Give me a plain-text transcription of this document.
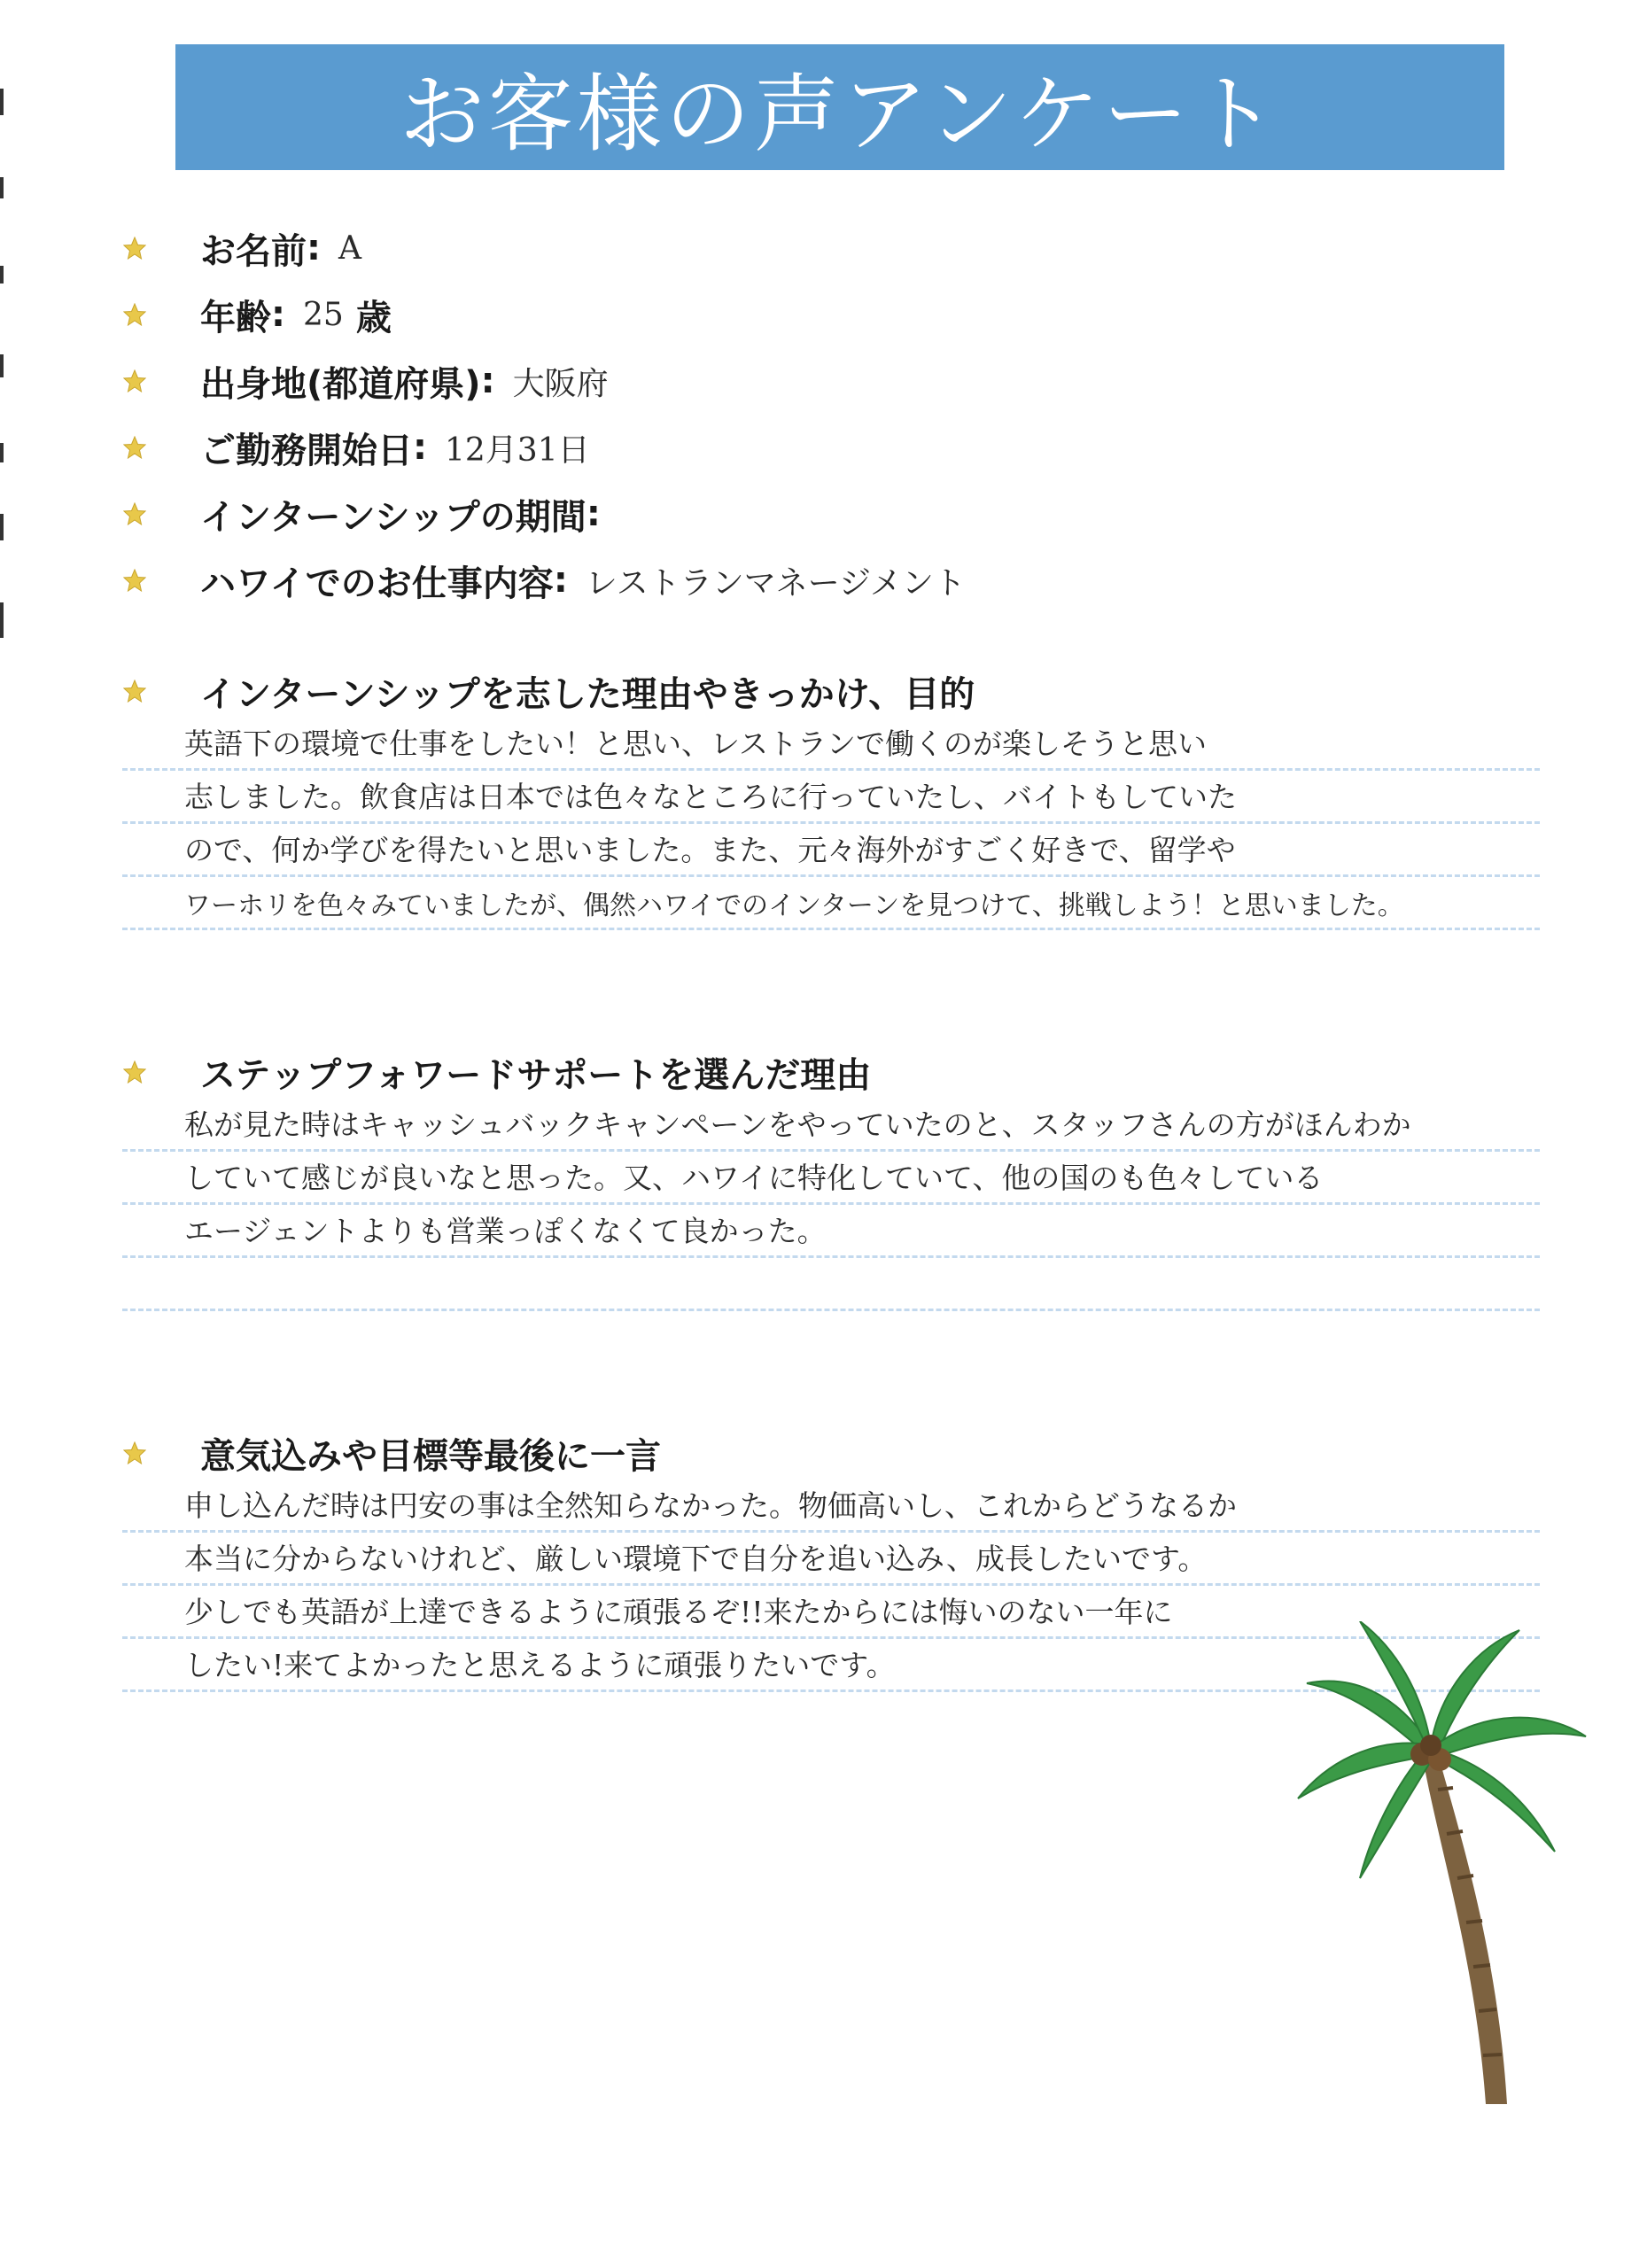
お客様の声アンケート
お名前 : A
年齢 : 25 歳
出身地(都道府県) : 大阪府
ご勤務開始日 : 12月31日
インターンシップの期間 :
ハワイでのお仕事内容 : レストランマネージメント
インターンシップを志した理由やきっかけ、目的
英語下の環境で仕事をしたい！と思い、レストランで働くのが楽しそうと思い
志しました。飲食店は日本では色々なところに行っていたし、バイトもしていた
ので、何か学びを得たいと思いました。また、元々海外がすごく好きで、留学や
ワーホリを色々みていましたが、偶然ハワイでのインターンを見つけて、挑戦しよう！と思いました。
ステップフォワードサポートを選んだ理由
私が見た時はキャッシュバックキャンペーンをやっていたのと、スタッフさんの方がほんわか
していて感じが良いなと思った。又、ハワイに特化していて、他の国のも色々している
エージェントよりも営業っぽくなくて良かった。
意気込みや目標等最後に一言
申し込んだ時は円安の事は全然知らなかった。物価高いし、これからどうなるか
本当に分からないけれど、厳しい環境下で自分を追い込み、成長したいです。
少しでも英語が上達できるように頑張るぞ!!来たからには悔いのない一年に
したい!来てよかったと思えるように頑張りたいです。
